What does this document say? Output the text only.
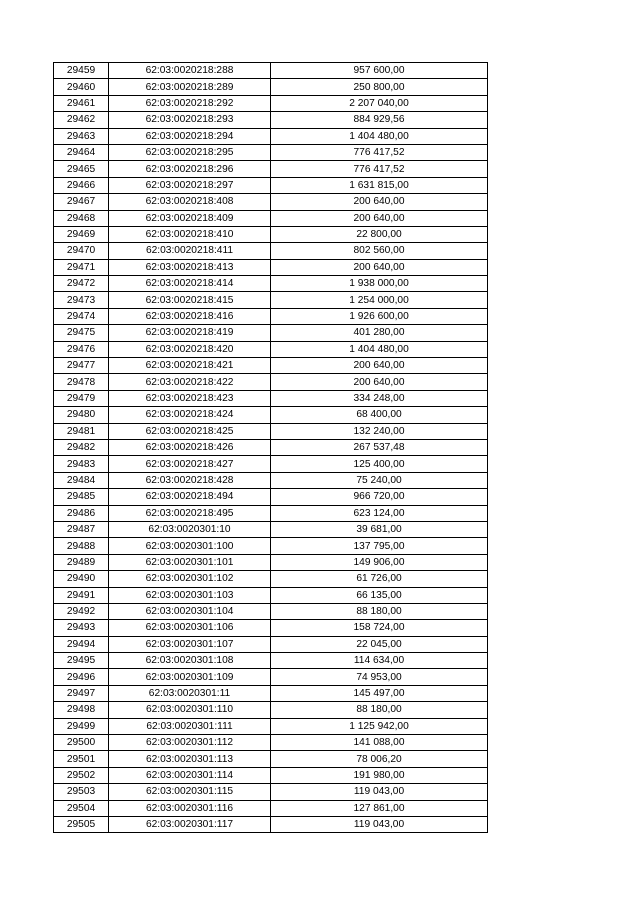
29459	62:03:0020218:288	957 600,00
29460	62:03:0020218:289	250 800,00
29461	62:03:0020218:292	2 207 040,00
29462	62:03:0020218:293	884 929,56
29463	62:03:0020218:294	1 404 480,00
29464	62:03:0020218:295	776 417,52
29465	62:03:0020218:296	776 417,52
29466	62:03:0020218:297	1 631 815,00
29467	62:03:0020218:408	200 640,00
29468	62:03:0020218:409	200 640,00
29469	62:03:0020218:410	22 800,00
29470	62:03:0020218:411	802 560,00
29471	62:03:0020218:413	200 640,00
29472	62:03:0020218:414	1 938 000,00
29473	62:03:0020218:415	1 254 000,00
29474	62:03:0020218:416	1 926 600,00
29475	62:03:0020218:419	401 280,00
29476	62:03:0020218:420	1 404 480,00
29477	62:03:0020218:421	200 640,00
29478	62:03:0020218:422	200 640,00
29479	62:03:0020218:423	334 248,00
29480	62:03:0020218:424	68 400,00
29481	62:03:0020218:425	132 240,00
29482	62:03:0020218:426	267 537,48
29483	62:03:0020218:427	125 400,00
29484	62:03:0020218:428	75 240,00
29485	62:03:0020218:494	966 720,00
29486	62:03:0020218:495	623 124,00
29487	62:03:0020301:10	39 681,00
29488	62:03:0020301:100	137 795,00
29489	62:03:0020301:101	149 906,00
29490	62:03:0020301:102	61 726,00
29491	62:03:0020301:103	66 135,00
29492	62:03:0020301:104	88 180,00
29493	62:03:0020301:106	158 724,00
29494	62:03:0020301:107	22 045,00
29495	62:03:0020301:108	114 634,00
29496	62:03:0020301:109	74 953,00
29497	62:03:0020301:11	145 497,00
29498	62:03:0020301:110	88 180,00
29499	62:03:0020301:111	1 125 942,00
29500	62:03:0020301:112	141 088,00
29501	62:03:0020301:113	78 006,20
29502	62:03:0020301:114	191 980,00
29503	62:03:0020301:115	119 043,00
29504	62:03:0020301:116	127 861,00
29505	62:03:0020301:117	119 043,00
